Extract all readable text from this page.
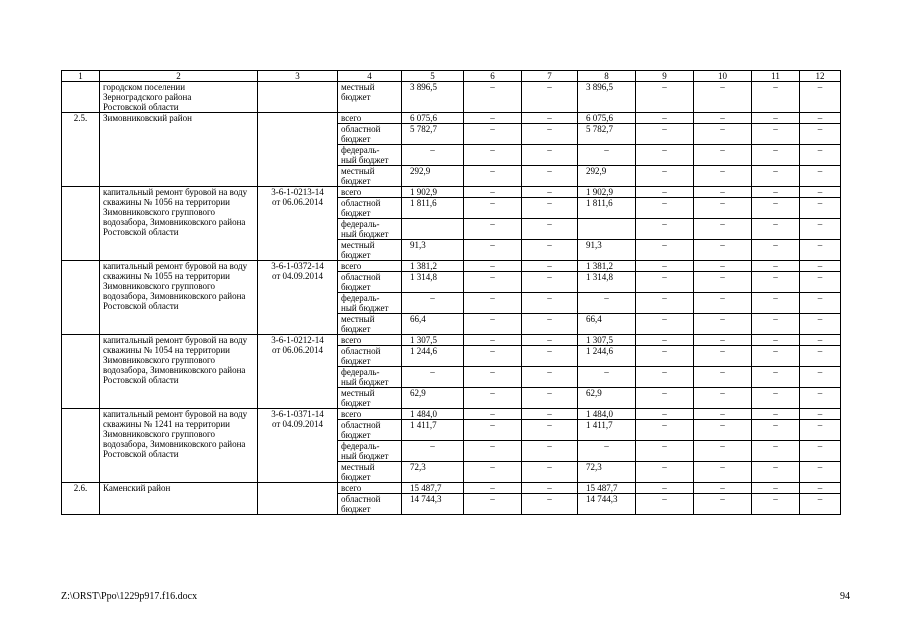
1	2	3	4	5	6	7	8	9	10	11	12
	городском поселении
Зерноградского района
Ростовской области		местный
бюджет	3 896,5	–	–	3 896,5	–	–	–	–
2.5.	Зимовниковский район		всего	6 075,6	–	–	6 075,6	–	–	–	–
			областной
бюджет	5 782,7	–	–	5 782,7	–	–	–	–
			федераль-
ный бюджет	–	–	–	–	–	–	–	–
			местный
бюджет	292,9	–	–	292,9	–	–	–	–
	капитальный ремонт буровой на воду скважины № 1056 на территории Зимовниковского группового водозабора, Зимовниковского района Ростовской области	3-6-1-0213-14
от 06.06.2014	всего	1 902,9	–	–	1 902,9	–	–	–	–
			областной
бюджет	1 811,6	–	–	1 811,6	–	–	–	–
			федераль-
ный бюджет		–	–		–	–	–	–
			местный
бюджет	91,3	–	–	91,3	–	–	–	–
	капитальный ремонт буровой на воду скважины № 1055 на территории Зимовниковского группового водозабора, Зимовниковского района Ростовской области	3-6-1-0372-14
от 04.09.2014	всего	1 381,2	–	–	1 381,2	–	–	–	–
			областной
бюджет	1 314,8	–	–	1 314,8	–	–	–	–
			федераль-
ный бюджет	–	–	–	–	–	–	–	–
			местный
бюджет	66,4	–	–	66,4	–	–	–	–
	капитальный ремонт буровой на воду скважины № 1054 на территории Зимовниковского группового водозабора, Зимовниковского района Ростовской области	3-6-1-0212-14
от 06.06.2014	всего	1 307,5	–	–	1 307,5	–	–	–	–
			областной
бюджет	1 244,6	–	–	1 244,6	–	–	–	–
			федераль-
ный бюджет	–	–	–	–	–	–	–	–
			местный
бюджет	62,9	–	–	62,9	–	–	–	–
	капитальный ремонт буровой на воду скважины № 1241 на территории Зимовниковского группового водозабора, Зимовниковского района Ростовской области	3-6-1-0371-14
от 04.09.2014	всего	1 484,0	–	–	1 484,0	–	–	–	–
			областной
бюджет	1 411,7	–	–	1 411,7	–	–	–	–
			федераль-
ный бюджет	–	–	–	–	–	–	–	–
			местный
бюджет	72,3	–	–	72,3	–	–	–	–
2.6.	Каменский район		всего	15 487,7	–	–	15 487,7	–	–	–	–
			областной
бюджет	14 744,3	–	–	14 744,3	–	–	–	–
Z:\ORST\Ppo\1229p917.f16.docx	94
